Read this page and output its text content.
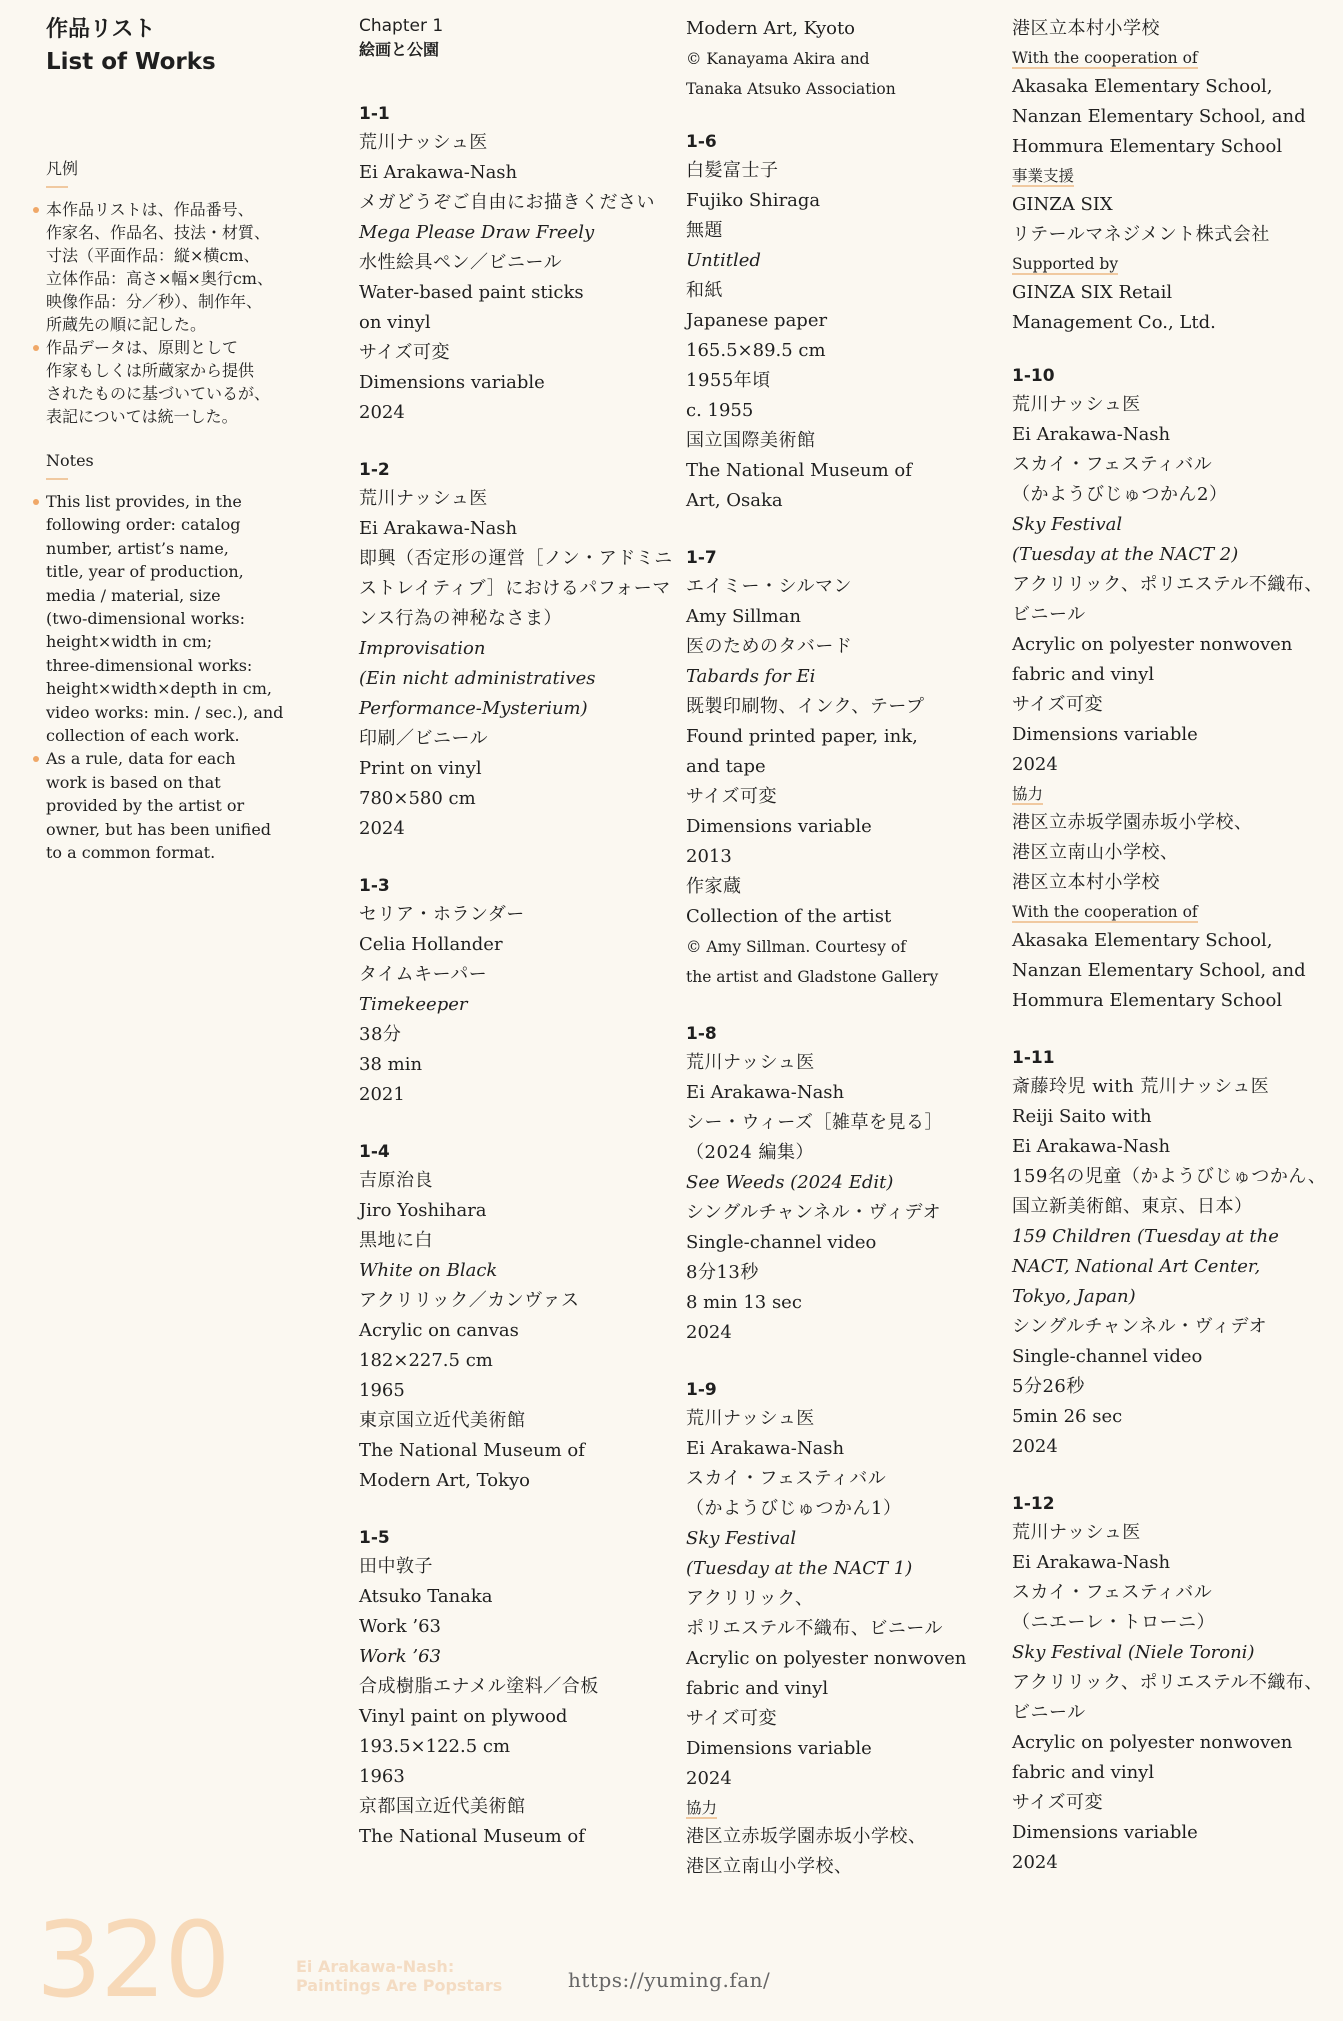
作品リスト

List of Works

凡例

本作品リストは、作品番号、
作家名、作品名、技法・材質、
寸法（平面作品：縦×横cm、
立体作品：高さ×幅×奥行cm、
映像作品：分／秒）、制作年、
所蔵先の順に記した。
作品データは、原則として
作家もしくは所蔵家から提供
されたものに基づいているが、
表記については統一した。

Notes

This list provides, in the
following order: catalog
number, artist’s name,
title, year of production,
media / material, size
(two-dimensional works:
height×width in cm;
three-dimensional works:
height×width×depth in cm,
video works: min. / sec.), and
collection of each work.
As a rule, data for each
work is based on that
provided by the artist or
owner, but has been unified
to a common format.

Chapter 1

絵画と公園

1-1
荒川ナッシュ医
Ei Arakawa-Nash
メガどうぞご自由にお描きください
Mega Please Draw Freely
水性絵具ペン／ビニール
Water-based paint sticks
on vinyl
サイズ可変
Dimensions variable
2024
1-2
荒川ナッシュ医
Ei Arakawa-Nash
即興（否定形の運営［ノン・アドミニ
ストレイティブ］におけるパフォーマ
ンス行為の神秘なさま）
Improvisation
(Ein nicht administratives
Performance-Mysterium)
印刷／ビニール
Print on vinyl
780×580 cm
2024
1-3
セリア・ホランダー
Celia Hollander
タイムキーパー
Timekeeper
38分
38 min
2021
1-4
吉原治良
Jiro Yoshihara
黒地に白
White on Black
アクリリック／カンヴァス
Acrylic on canvas
182×227.5 cm
1965
東京国立近代美術館
The National Museum of
Modern Art, Tokyo
1-5
田中敦子
Atsuko Tanaka
Work ’63
Work ’63
合成樹脂エナメル塗料／合板
Vinyl paint on plywood
193.5×122.5 cm
1963
京都国立近代美術館
The National Museum of
Modern Art, Kyoto
© Kanayama Akira and
Tanaka Atsuko Association
1-6
白髪富士子
Fujiko Shiraga
無題
Untitled
和紙
Japanese paper
165.5×89.5 cm
1955年頃
c. 1955
国立国際美術館
The National Museum of
Art, Osaka
1-7
エイミー・シルマン
Amy Sillman
医のためのタバード
Tabards for Ei
既製印刷物、インク、テープ
Found printed paper, ink,
and tape
サイズ可変
Dimensions variable
2013
作家蔵
Collection of the artist
© Amy Sillman. Courtesy of
the artist and Gladstone Gallery
1-8
荒川ナッシュ医
Ei Arakawa-Nash
シー・ウィーズ［雑草を見る］
（2024 編集）
See Weeds (2024 Edit)
シングルチャンネル・ヴィデオ
Single-channel video
8分13秒
8 min 13 sec
2024
1-9
荒川ナッシュ医
Ei Arakawa-Nash
スカイ・フェスティバル
（かようびじゅつかん1）
Sky Festival
(Tuesday at the NACT 1)
アクリリック、
ポリエステル不織布、ビニール
Acrylic on polyester nonwoven
fabric and vinyl
サイズ可変
Dimensions variable
2024
協力
港区立赤坂学園赤坂小学校、
港区立南山小学校、
港区立本村小学校
With the cooperation of
Akasaka Elementary School,
Nanzan Elementary School, and
Hommura Elementary School
事業支援
GINZA SIX
リテールマネジメント株式会社
Supported by
GINZA SIX Retail
Management Co., Ltd.
1-10
荒川ナッシュ医
Ei Arakawa-Nash
スカイ・フェスティバル
（かようびじゅつかん2）
Sky Festival
(Tuesday at the NACT 2)
アクリリック、ポリエステル不織布、
ビニール
Acrylic on polyester nonwoven
fabric and vinyl
サイズ可変
Dimensions variable
2024
協力
港区立赤坂学園赤坂小学校、
港区立南山小学校、
港区立本村小学校
With the cooperation of
Akasaka Elementary School,
Nanzan Elementary School, and
Hommura Elementary School
1-11
斎藤玲児 with 荒川ナッシュ医
Reiji Saito with
Ei Arakawa-Nash
159名の児童（かようびじゅつかん、
国立新美術館、東京、日本）
159 Children (Tuesday at the
NACT, National Art Center,
Tokyo, Japan)
シングルチャンネル・ヴィデオ
Single-channel video
5分26秒
5min 26 sec
2024
1-12
荒川ナッシュ医
Ei Arakawa-Nash
スカイ・フェスティバル
（ニエーレ・トローニ）
Sky Festival (Niele Toroni)
アクリリック、ポリエステル不織布、
ビニール
Acrylic on polyester nonwoven
fabric and vinyl
サイズ可変
Dimensions variable
2024
320	Ei Arakawa-Nash:
Paintings Are Popstars	https://yuming.fan/
